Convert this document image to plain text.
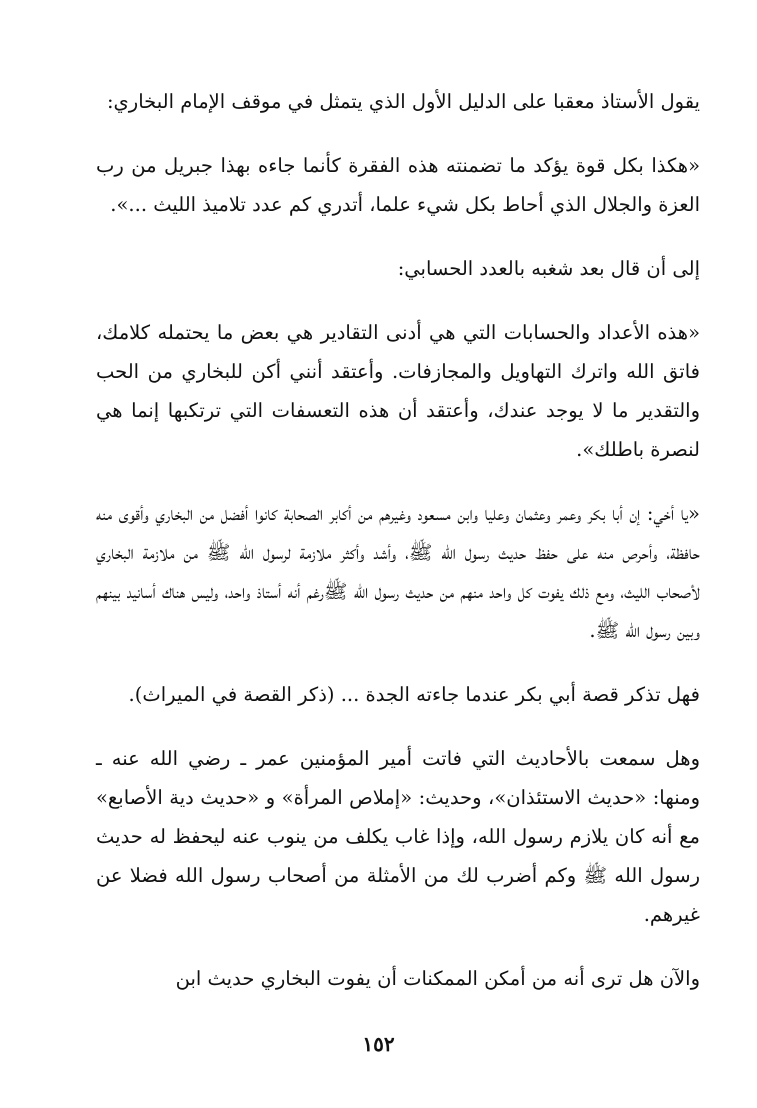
يقول الأستاذ معقبا على الدليل الأول الذي يتمثل في موقف الإمام البخاري:

«هكذا بكل قوة يؤكد ما تضمنته هذه الفقرة كأنما جاءه بهذا جبريل من رب العزة والجلال الذي أحاط بكل شيء علما، أتدري كم عدد تلاميذ الليث ...».

إلى أن قال بعد شغبه بالعدد الحسابي:

«هذه الأعداد والحسابات التي هي أدنى التقادير هي بعض ما يحتمله كلامك، فاتق الله واترك التهاويل والمجازفات. وأعتقد أنني أكن للبخاري من الحب والتقدير ما لا يوجد عندك، وأعتقد أن هذه التعسفات التي ترتكبها إنما هي لنصرة باطلك».

«يا أخي: إن أبا بكر وعمر وعثمان وعليا وابن مسعود وغيرهم من أكابر الصحابة كانوا أفضل من البخاري وأقوى منه حافظة، وأحرص منه على حفظ حديث رسول الله ﷺ، وأشد وأكثر ملازمة لرسول الله ﷺ من ملازمة البخاري لأصحاب الليث، ومع ذلك يفوت كل واحد منهم من حديث رسول الله ﷺرغم أنه أستاذ واحد، وليس هناك أسانيد بينهم وبين رسول الله ﷺ.

فهل تذكر قصة أبي بكر عندما جاءته الجدة ... (ذكر القصة في الميراث).

وهل سمعت بالأحاديث التي فاتت أمير المؤمنين عمر ـ رضي الله عنه ـ ومنها: «حديث الاستئذان»، وحديث: «إملاص المرأة» و «حديث دية الأصابع» مع أنه كان يلازم رسول الله، وإذا غاب يكلف من ينوب عنه ليحفظ له حديث رسول الله ﷺ وكم أضرب لك من الأمثلة من أصحاب رسول الله فضلا عن غيرهم.

والآن هل ترى أنه من أمكن الممكنات أن يفوت البخاري حديث ابن

١٥٢
